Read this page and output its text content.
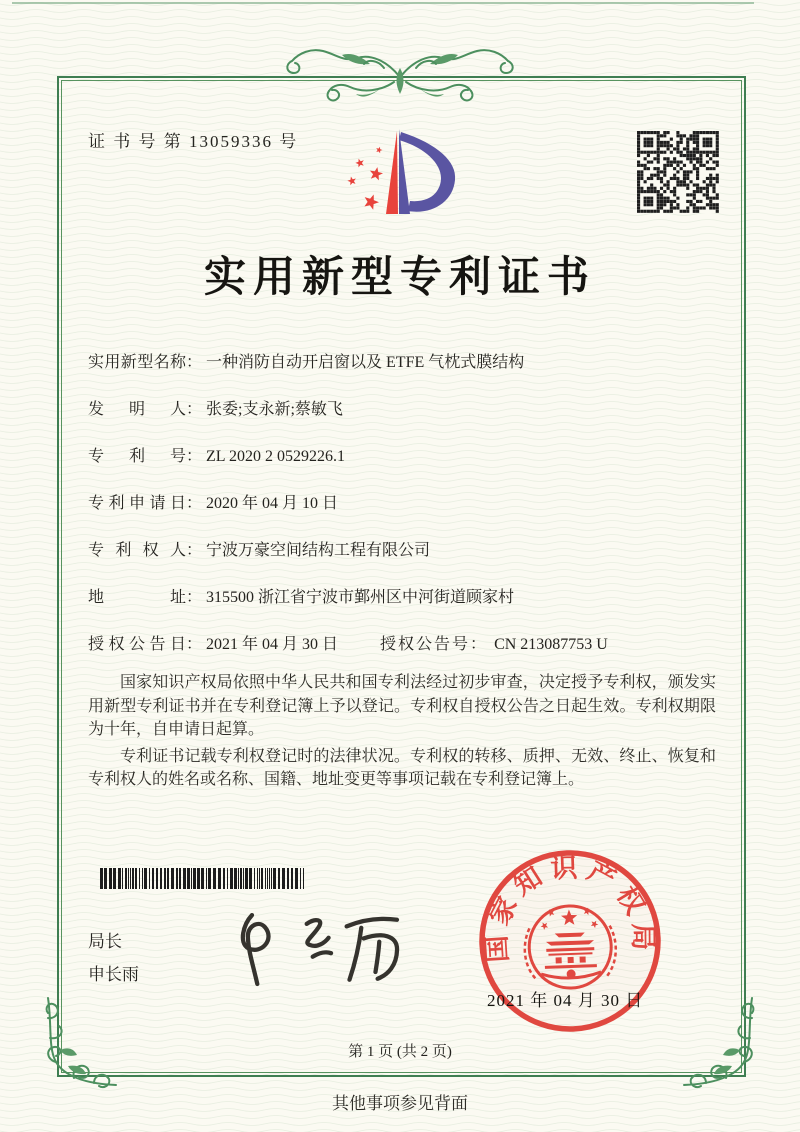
证 书 号 第 13059336 号
实用新型专利证书
实用新型名称 ： 一种消防自动开启窗以及 ETFE 气枕式膜结构
发明人 ： 张委;支永新;蔡敏飞
专利号 ： ZL 2020 2 0529226.1
专利申请日 ： 2020 年 04 月 10 日
专利权人 ： 宁波万豪空间结构工程有限公司
地址 ： 315500 浙江省宁波市鄞州区中河街道顾家村
授权公告日 ： 2021 年 04 月 30 日	授权公告号： CN 213087753 U

国家知识产权局依照中华人民共和国专利法经过初步审查，决定授予专利权，颁发实用新型专利证书并在专利登记簿上予以登记。专利权自授权公告之日起生效。专利权期限为十年，自申请日起算。

专利证书记载专利权登记时的法律状况。专利权的转移、质押、无效、终止、恢复和专利权人的姓名或名称、国籍、地址变更等事项记载在专利登记簿上。

局长
申长雨
国家知识产权局
2021 年 04 月 30 日
第 1 页 (共 2 页)
其他事项参见背面
